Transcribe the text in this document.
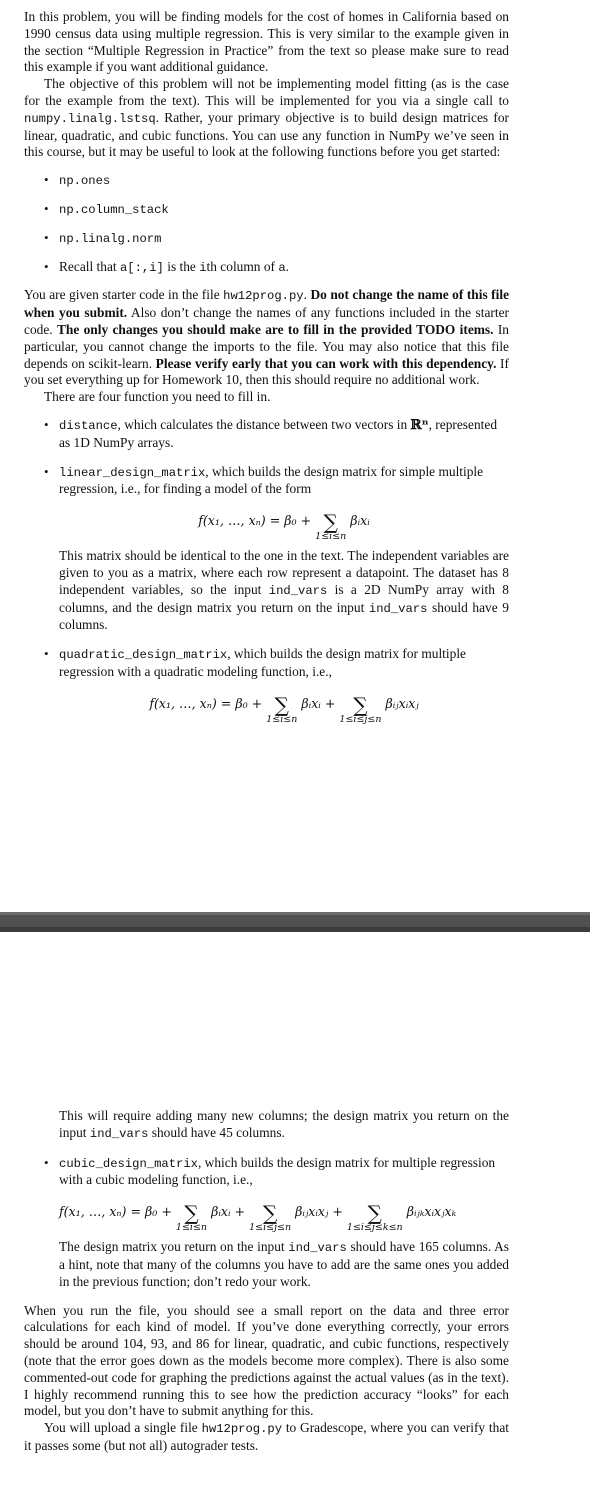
In this problem, you will be finding models for the cost of homes in California based on 1990 census data using multiple regression. This is very similar to the example given in the section “Multiple Regression in Practice” from the text so please make sure to read this example if you want additional guidance.

The objective of this problem will not be implementing model fitting (as is the case for the example from the text). This will be implemented for you via a single call to numpy.linalg.lstsq. Rather, your primary objective is to build design matrices for linear, quadratic, and cubic functions. You can use any function in NumPy we’ve seen in this course, but it may be useful to look at the following functions before you get started:

• np.ones
• np.column_stack
• np.linalg.norm
• Recall that a[:,i] is the ith column of a.

You are given starter code in the file hw12prog.py. Do not change the name of this file when you submit. Also don’t change the names of any functions included in the starter code. The only changes you should make are to fill in the provided TODO items. In particular, you cannot change the imports to the file. You may also notice that this file depends on scikit-learn. Please verify early that you can work with this dependency. If you set everything up for Homework 10, then this should require no additional work.

There are four function you need to fill in.

• distance, which calculates the distance between two vectors in ℝⁿ, represented as 1D NumPy arrays.
• linear_design_matrix, which builds the design matrix for simple multiple regression, i.e., for finding a model of the form
f(x₁, …, xₙ) = β₀ + ∑
1≤i≤n
βᵢxᵢ

This matrix should be identical to the one in the text. The independent variables are given to you as a matrix, where each row represent a datapoint. The dataset has 8 independent variables, so the input ind_vars is a 2D NumPy array with 8 columns, and the design matrix you return on the input ind_vars should have 9 columns.

• quadratic_design_matrix, which builds the design matrix for multiple regression with a quadratic modeling function, i.e.,
f(x₁, …, xₙ) = β₀ + ∑
1≤i≤n
βᵢxᵢ + ∑
1≤i≤j≤n
βᵢⱼxᵢxⱼ

This will require adding many new columns; the design matrix you return on the input ind_vars should have 45 columns.

• cubic_design_matrix, which builds the design matrix for multiple regression with a cubic modeling function, i.e.,
f(x₁, …, xₙ) = β₀ + ∑
1≤i≤n
βᵢxᵢ + ∑
1≤i≤j≤n
βᵢⱼxᵢxⱼ +	∑
1≤i≤j≤k≤n
βᵢⱼₖxᵢxⱼxₖ

The design matrix you return on the input ind_vars should have 165 columns. As a hint, note that many of the columns you have to add are the same ones you added in the previous function; don’t redo your work.

When you run the file, you should see a small report on the data and three error calculations for each kind of model. If you’ve done everything correctly, your errors should be around 104, 93, and 86 for linear, quadratic, and cubic functions, respectively (note that the error goes down as the models become more complex). There is also some commented-out code for graphing the predictions against the actual values (as in the text). I highly recommend running this to see how the prediction accuracy “looks” for each model, but you don’t have to submit anything for this.

You will upload a single file hw12prog.py to Gradescope, where you can verify that it passes some (but not all) autograder tests.
